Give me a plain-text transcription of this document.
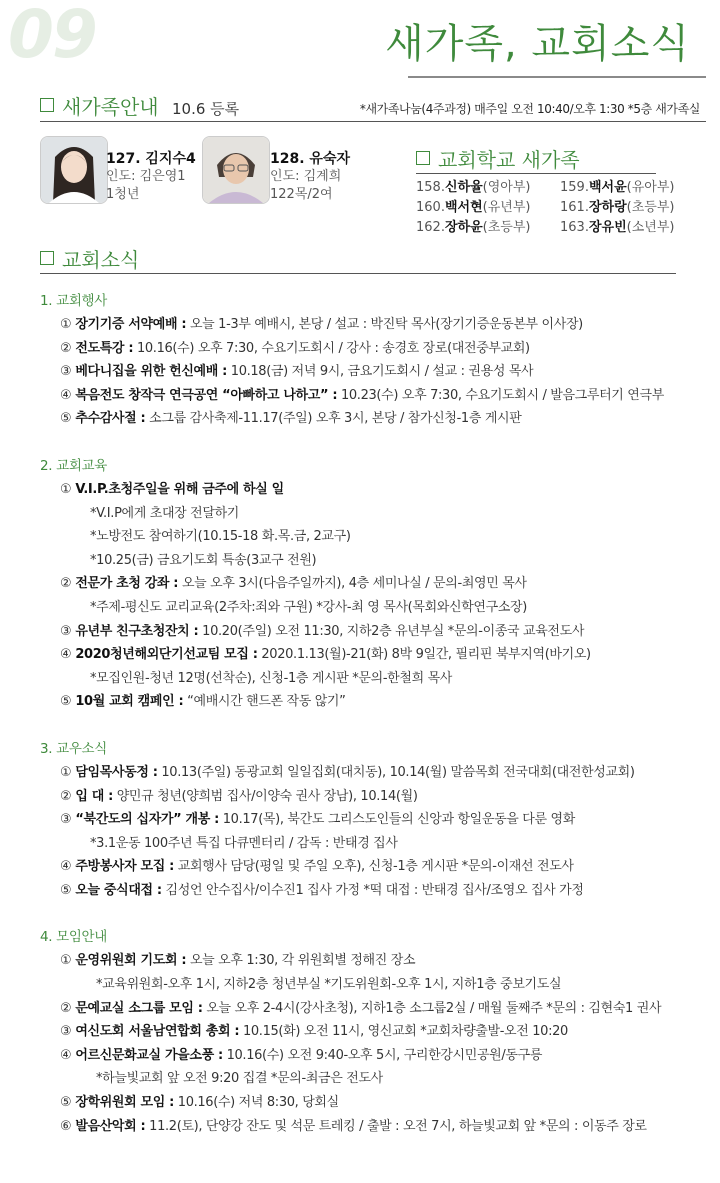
09	새가족, 교회소식
새가족안내 10.6 등록	*새가족나눔(4주과정) 매주일 오전 10:40/오후 1:30 *5층 새가족실
127. 김지수4
인도: 김은영1
1청년
128. 유숙자
인도: 김계희
122목/2여
교회학교 새가족
158.신하율(영아부) 159.백서윤(유아부)
160.백서현(유년부) 161.장하랑(초등부)
162.장하윤(초등부) 163.장유빈(소년부)
교회소식
1. 교회행사
① 장기기증 서약예배 : 오늘 1-3부 예배시, 본당 / 설교 : 박진탁 목사(장기기증운동본부 이사장)
② 전도특강 : 10.16(수) 오후 7:30, 수요기도회시 / 강사 : 송경호 장로(대전중부교회)
③ 베다니집을 위한 헌신예배 : 10.18(금) 저녁 9시, 금요기도회시 / 설교 : 권용성 목사
④ 복음전도 창작극 연극공연 “아빠하고 나하고” : 10.23(수) 오후 7:30, 수요기도회시 / 발음그루터기 연극부
⑤ 추수감사절 : 소그룹 감사축제-11.17(주일) 오후 3시, 본당 / 참가신청-1층 게시판
2. 교회교육
① V.I.P.초청주일을 위해 금주에 하실 일
*V.I.P에게 초대장 전달하기
*노방전도 참여하기(10.15-18 화.목.금, 2교구)
*10.25(금) 금요기도회 특송(3교구 전원)
② 전문가 초청 강좌 : 오늘 오후 3시(다음주일까지), 4층 세미나실 / 문의-최영민 목사
*주제-평신도 교리교육(2주차:죄와 구원) *강사-최 영 목사(목회와신학연구소장)
③ 유년부 친구초청잔치 : 10.20(주일) 오전 11:30, 지하2층 유년부실 *문의-이종국 교육전도사
④ 2020청년해외단기선교팀 모집 : 2020.1.13(월)-21(화) 8박 9일간, 필리핀 북부지역(바기오)
*모집인원-청년 12명(선착순), 신청-1층 게시판 *문의-한철희 목사
⑤ 10월 교회 캠페인 : “예배시간 핸드폰 작동 않기”
3. 교우소식
① 담임목사동정 : 10.13(주일) 동광교회 일일집회(대치동), 10.14(월) 말씀목회 전국대회(대전한성교회)
② 입 대 : 양민규 청년(양희범 집사/이양숙 권사 장남), 10.14(월)
③ “북간도의 십자가” 개봉 : 10.17(목), 북간도 그리스도인들의 신앙과 항일운동을 다룬 영화
*3.1운동 100주년 특집 다큐멘터리 / 감독 : 반태경 집사
④ 주방봉사자 모집 : 교회행사 담당(평일 및 주일 오후), 신청-1층 게시판 *문의-이재선 전도사
⑤ 오늘 중식대접 : 김성언 안수집사/이수진1 집사 가정 *떡 대접 : 반태경 집사/조영오 집사 가정
4. 모임안내
① 운영위원회 기도회 : 오늘 오후 1:30, 각 위원회별 정해진 장소
*교육위원회-오후 1시, 지하2층 청년부실 *기도위원회-오후 1시, 지하1층 중보기도실
② 문예교실 소그룹 모임 : 오늘 오후 2-4시(강사초청), 지하1층 소그룹2실 / 매월 둘째주 *문의 : 김현숙1 권사
③ 여신도회 서울남연합회 총회 : 10.15(화) 오전 11시, 영신교회 *교회차량출발-오전 10:20
④ 어르신문화교실 가을소풍 : 10.16(수) 오전 9:40-오후 5시, 구리한강시민공원/동구릉
*하늘빛교회 앞 오전 9:20 집결 *문의-최금은 전도사
⑤ 장학위원회 모임 : 10.16(수) 저녁 8:30, 당회실
⑥ 발음산악회 : 11.2(토), 단양강 잔도 및 석문 트레킹 / 출발 : 오전 7시, 하늘빛교회 앞 *문의 : 이동주 장로
